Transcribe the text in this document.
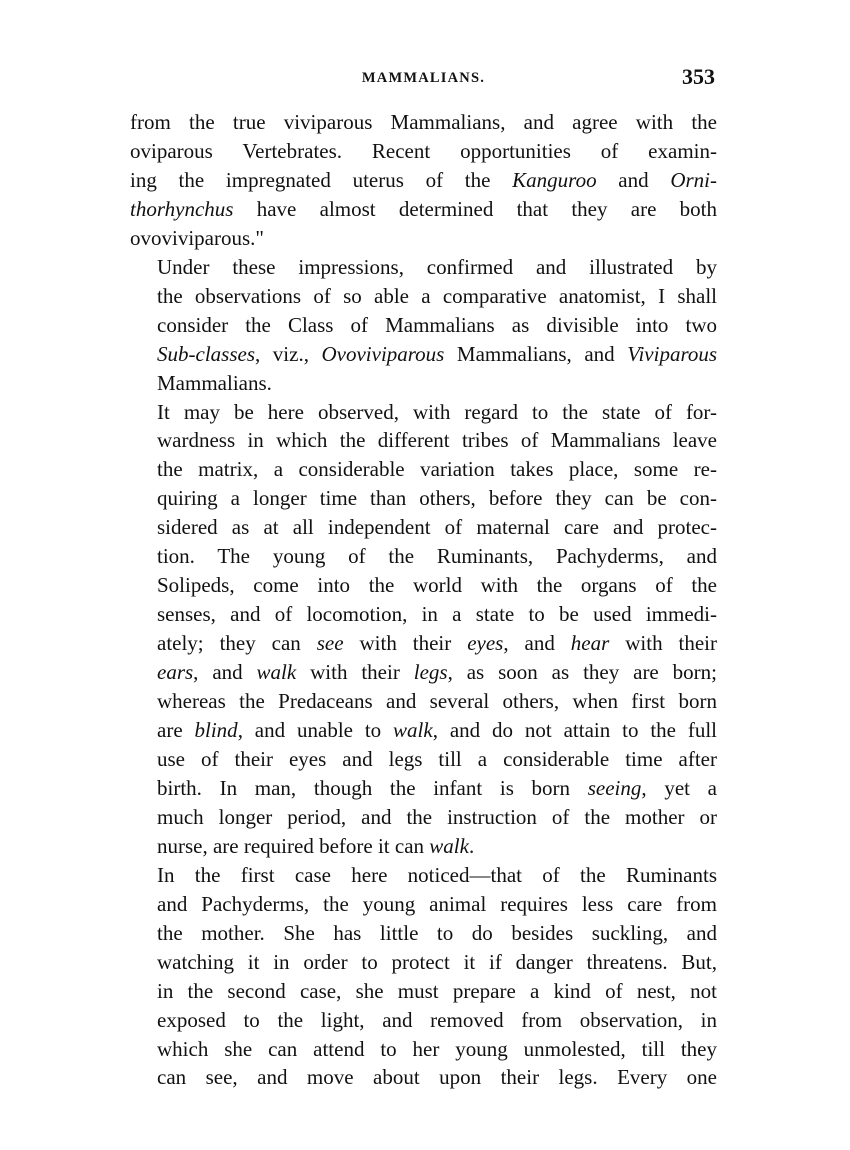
MAMMALIANS.	353

from the true viviparous Mammalians, and agree with the
oviparous Vertebrates. Recent opportunities of examin-
ing the impregnated uterus of the Kanguroo and Orni-
thorhynchus have almost determined that they are both
ovoviviparous."

Under these impressions, confirmed and illustrated by
the observations of so able a comparative anatomist, I shall
consider the Class of Mammalians as divisible into two
Sub-classes, viz., Ovoviviparous Mammalians, and Viviparous
Mammalians.

It may be here observed, with regard to the state of for-
wardness in which the different tribes of Mammalians leave
the matrix, a considerable variation takes place, some re-
quiring a longer time than others, before they can be con-
sidered as at all independent of maternal care and protec-
tion. The young of the Ruminants, Pachyderms, and
Solipeds, come into the world with the organs of the
senses, and of locomotion, in a state to be used immedi-
ately; they can see with their eyes, and hear with their
ears, and walk with their legs, as soon as they are born;
whereas the Predaceans and several others, when first born
are blind, and unable to walk, and do not attain to the full
use of their eyes and legs till a considerable time after
birth. In man, though the infant is born seeing, yet a
much longer period, and the instruction of the mother or
nurse, are required before it can walk.

In the first case here noticed—that of the Ruminants
and Pachyderms, the young animal requires less care from
the mother. She has little to do besides suckling, and
watching it in order to protect it if danger threatens. But,
in the second case, she must prepare a kind of nest, not
exposed to the light, and removed from observation, in
which she can attend to her young unmolested, till they
can see, and move about upon their legs. Every one
